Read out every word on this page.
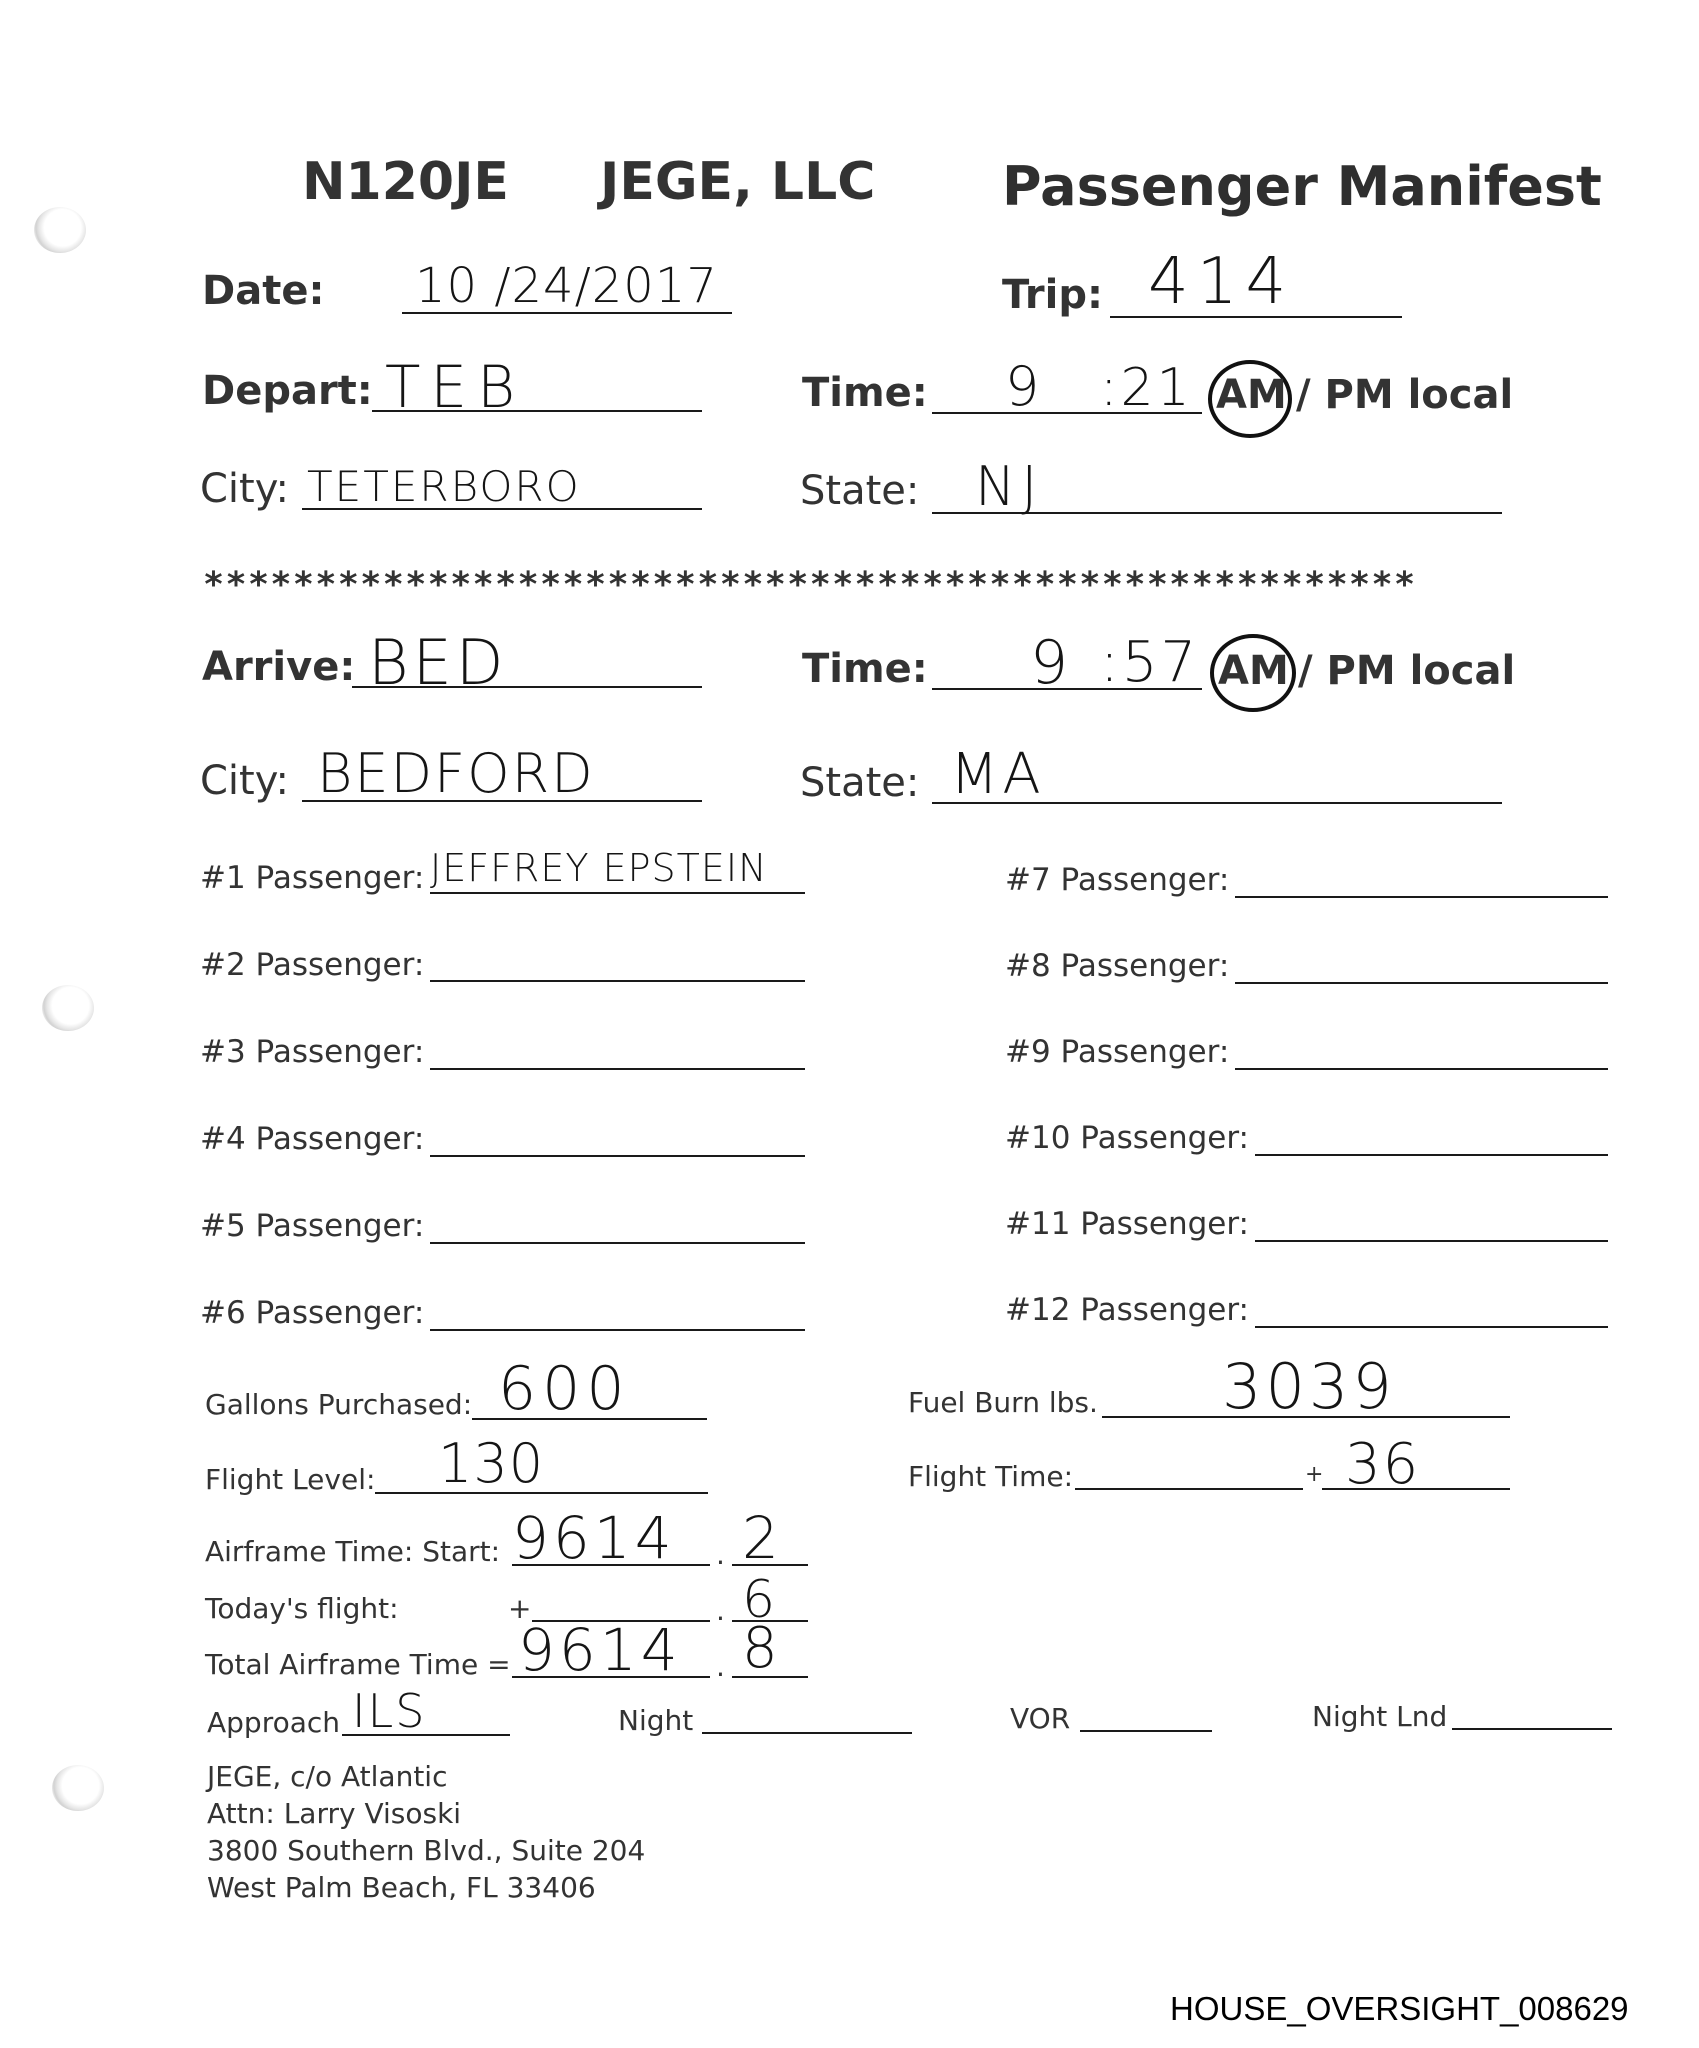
N120JE JEGE, LLC Passenger Manifest
Date: 10 /24/2017	Trip: 414
Depart: TEB	Time: 9 :21 AM / PM local
City: TETERBORO	State: NJ
******************************************************
Arrive: BED	Time: 9 :57 AM / PM local
City: BEDFORD	State: MA
#1 Passenger: JEFFREY EPSTEIN
#2 Passenger:
#3 Passenger:
#4 Passenger:
#5 Passenger:
#6 Passenger:
#7 Passenger:
#8 Passenger:
#9 Passenger:
#10 Passenger:
#11 Passenger:
#12 Passenger:
Gallons Purchased: 600	Fuel Burn lbs. 3039
Flight Level: 130	Flight Time:	+ 36
Airframe Time: Start: 9614 . 2
Today's flight:	+	. 6
Total Airframe Time = 9614 . 8
Approach ILS	Night	VOR	Night Lnd
JEGE, c/o Atlantic
Attn: Larry Visoski
3800 Southern Blvd., Suite 204
West Palm Beach, FL 33406
HOUSE_OVERSIGHT_008629
